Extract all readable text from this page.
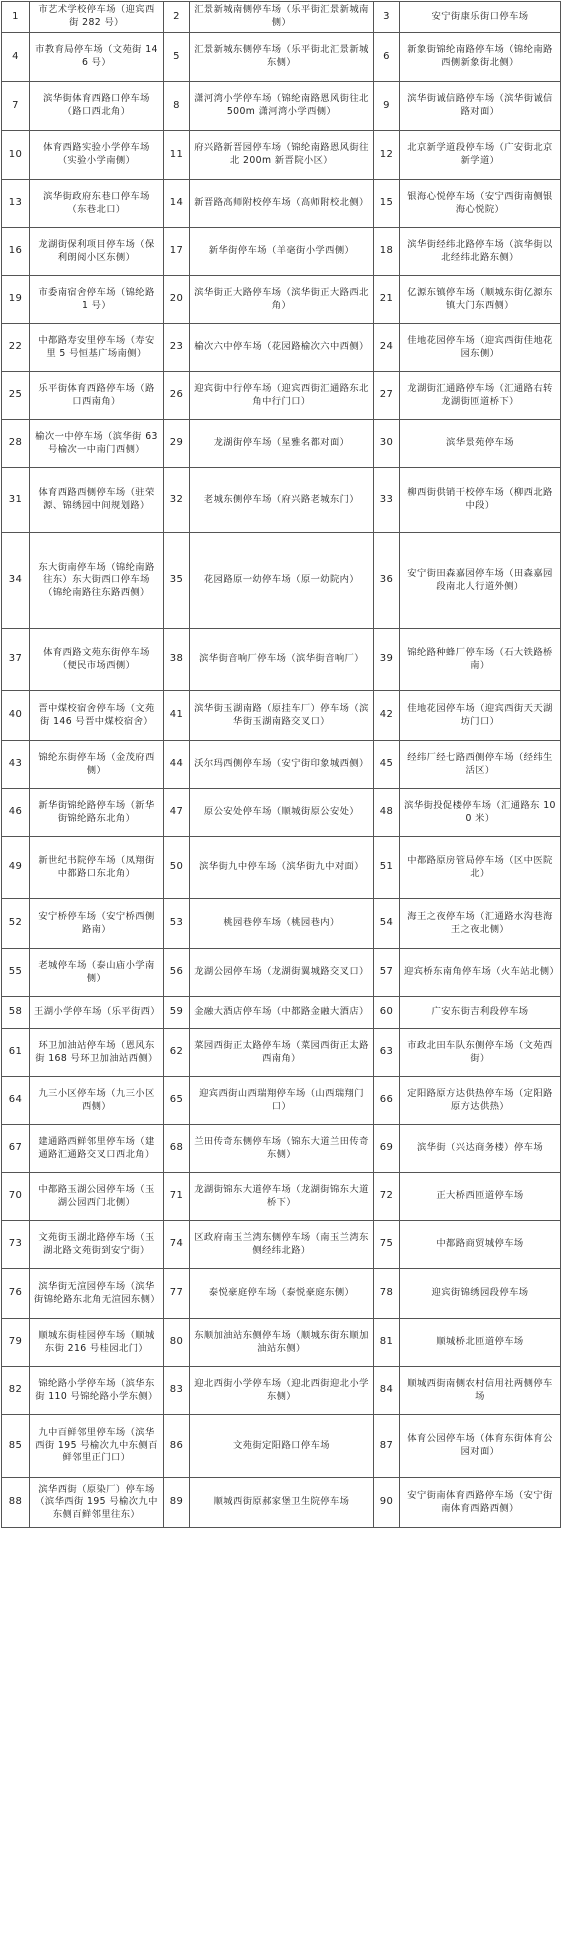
1	市艺术学校停车场（迎宾西街 282 号）	2	汇景新城南侧停车场（乐平街汇景新城南侧）	3	安宁街康乐街口停车场
4	市教育局停车场（文苑街 146 号）	5	汇景新城东侧停车场（乐平街北汇景新城东侧）	6	新象街锦纶南路停车场（锦纶南路西侧新象街北侧）
7	滨华街体育西路口停车场（路口西北角）	8	潇河湾小学停车场（锦纶南路恩风街往北 500m 潇河湾小学西侧）	9	滨华街诚信路停车场（滨华街诚信路对面）
10	体育西路实验小学停车场（实验小学南侧）	11	府兴路新晋园停车场（锦纶南路恩风街往北 200m 新晋院小区）	12	北京新学道段停车场（广安街北京新学道）
13	滨华街政府东巷口停车场（东巷北口）	14	新晋路高师附校停车场（高师附校北侧）	15	银海心悦停车场（安宁西街南侧银海心悦院）
16	龙湖街保利项目停车场（保利朗阅小区东侧）	17	新华街停车场（羊毫街小学西侧）	18	滨华街经纬北路停车场（滨华街以北经纬北路东侧）
19	市委南宿舍停车场（锦纶路 1 号）	20	滨华街正大路停车场（滨华街正大路西北角）	21	亿源东镇停车场（顺城东街亿源东镇大门东西侧）
22	中都路寿安里停车场（寿安里 5 号恒基广场南侧）	23	榆次六中停车场（花园路榆次六中西侧）	24	佳地花园停车场（迎宾西街佳地花园东侧）
25	乐平街体育西路停车场（路口西南角）	26	迎宾街中行停车场（迎宾西街汇通路东北角中行门口）	27	龙湖街汇通路停车场（汇通路右转龙湖街匝道桥下）
28	榆次一中停车场（滨华街 63 号榆次一中南门西侧）	29	龙湖街停车场（星雅名都对面）	30	滨华景苑停车场
31	体育西路西侧停车场（驻荣源、锦绣园中间规划路）	32	老城东侧停车场（府兴路老城东门）	33	柳西街供销干校停车场（柳西北路中段）
34	东大街南停车场（锦纶南路往东）东大街西口停车场（锦纶南路往东路西侧）	35	花园路原一幼停车场（原一幼院内）	36	安宁街田森嘉园停车场（田森嘉园段南北人行道外侧）
37	体育西路文苑东街停车场（便民市场西侧）	38	滨华街音响厂停车场（滨华街音响厂）	39	锦纶路种蜂厂停车场（石大铁路桥南）
40	晋中煤校宿舍停车场（文苑街 146 号晋中煤校宿舍）	41	滨华街玉湖南路（原挂车厂）停车场（滨华街玉湖南路交叉口）	42	佳地花园停车场（迎宾西街天天湖坊门口）
43	锦纶东街停车场（金茂府西侧）	44	沃尔玛西侧停车场（安宁街印象城西侧）	45	经纬厂经七路西侧停车场（经纬生活区）
46	新华街锦纶路停车场（新华街锦纶路东北角）	47	原公安处停车场（顺城街原公安处）	48	滨华街投促楼停车场（汇通路东 100 米）
49	新世纪书院停车场（凤翔街中都路口东北角）	50	滨华街九中停车场（滨华街九中对面）	51	中都路原房管局停车场（区中医院北）
52	安宁桥停车场（安宁桥西侧路南）	53	桃园巷停车场（桃园巷内）	54	海王之夜停车场（汇通路水沟巷海王之夜北侧）
55	老城停车场（泰山庙小学南侧）	56	龙湖公园停车场（龙湖街翼城路交叉口）	57	迎宾桥东南角停车场（火车站北侧）
58	王湖小学停车场（乐平街西）	59	金融大酒店停车场（中都路金融大酒店）	60	广安东街吉利段停车场
61	环卫加油站停车场（恩风东街 168 号环卫加油站西侧）	62	菜园西街正太路停车场（菜园西街正太路西南角）	63	市政北田车队东侧停车场（文苑西街）
64	九三小区停车场（九三小区西侧）	65	迎宾西街山西瑞翔停车场（山西瑞翔门口）	66	定阳路原方达供热停车场（定阳路原方达供热）
67	建通路西鲜邻里停车场（建通路汇通路交叉口西北角）	68	兰田传奇东侧停车场（锦东大道兰田传奇东侧）	69	滨华街（兴达商务楼）停车场
70	中都路玉湖公园停车场（玉湖公园西门北侧）	71	龙湖街锦东大道停车场（龙湖街锦东大道桥下）	72	正大桥西匝道停车场
73	文苑街玉湖北路停车场（玉湖北路文苑街到安宁街）	74	区政府南玉兰湾东侧停车场（南玉兰湾东侧经纬北路）	75	中都路商贸城停车场
76	滨华街无渲园停车场（滨华街锦纶路东北角无渲园东侧）	77	泰悦豪庭停车场（泰悦豪庭东侧）	78	迎宾街锦绣园段停车场
79	顺城东街桂园停车场（顺城东街 216 号桂园北门）	80	东顺加油站东侧停车场（顺城东街东顺加油站东侧）	81	顺城桥北匝道停车场
82	锦纶路小学停车场（滨华东街 110 号锦纶路小学东侧）	83	迎北西街小学停车场（迎北西街迎北小学东侧）	84	顺城西街南侧农村信用社两侧停车场
85	九中百鲜邻里停车场（滨华西街 195 号榆次九中东侧百鲜邻里正门口）	86	文苑街定阳路口停车场	87	体育公园停车场（体育东街体育公园对面）
88	滨华西街（原染厂）停车场（滨华西街 195 号榆次九中东侧百鲜邻里往东）	89	顺城西街原郝家堡卫生院停车场	90	安宁街南体育西路停车场（安宁街南体育西路西侧）
